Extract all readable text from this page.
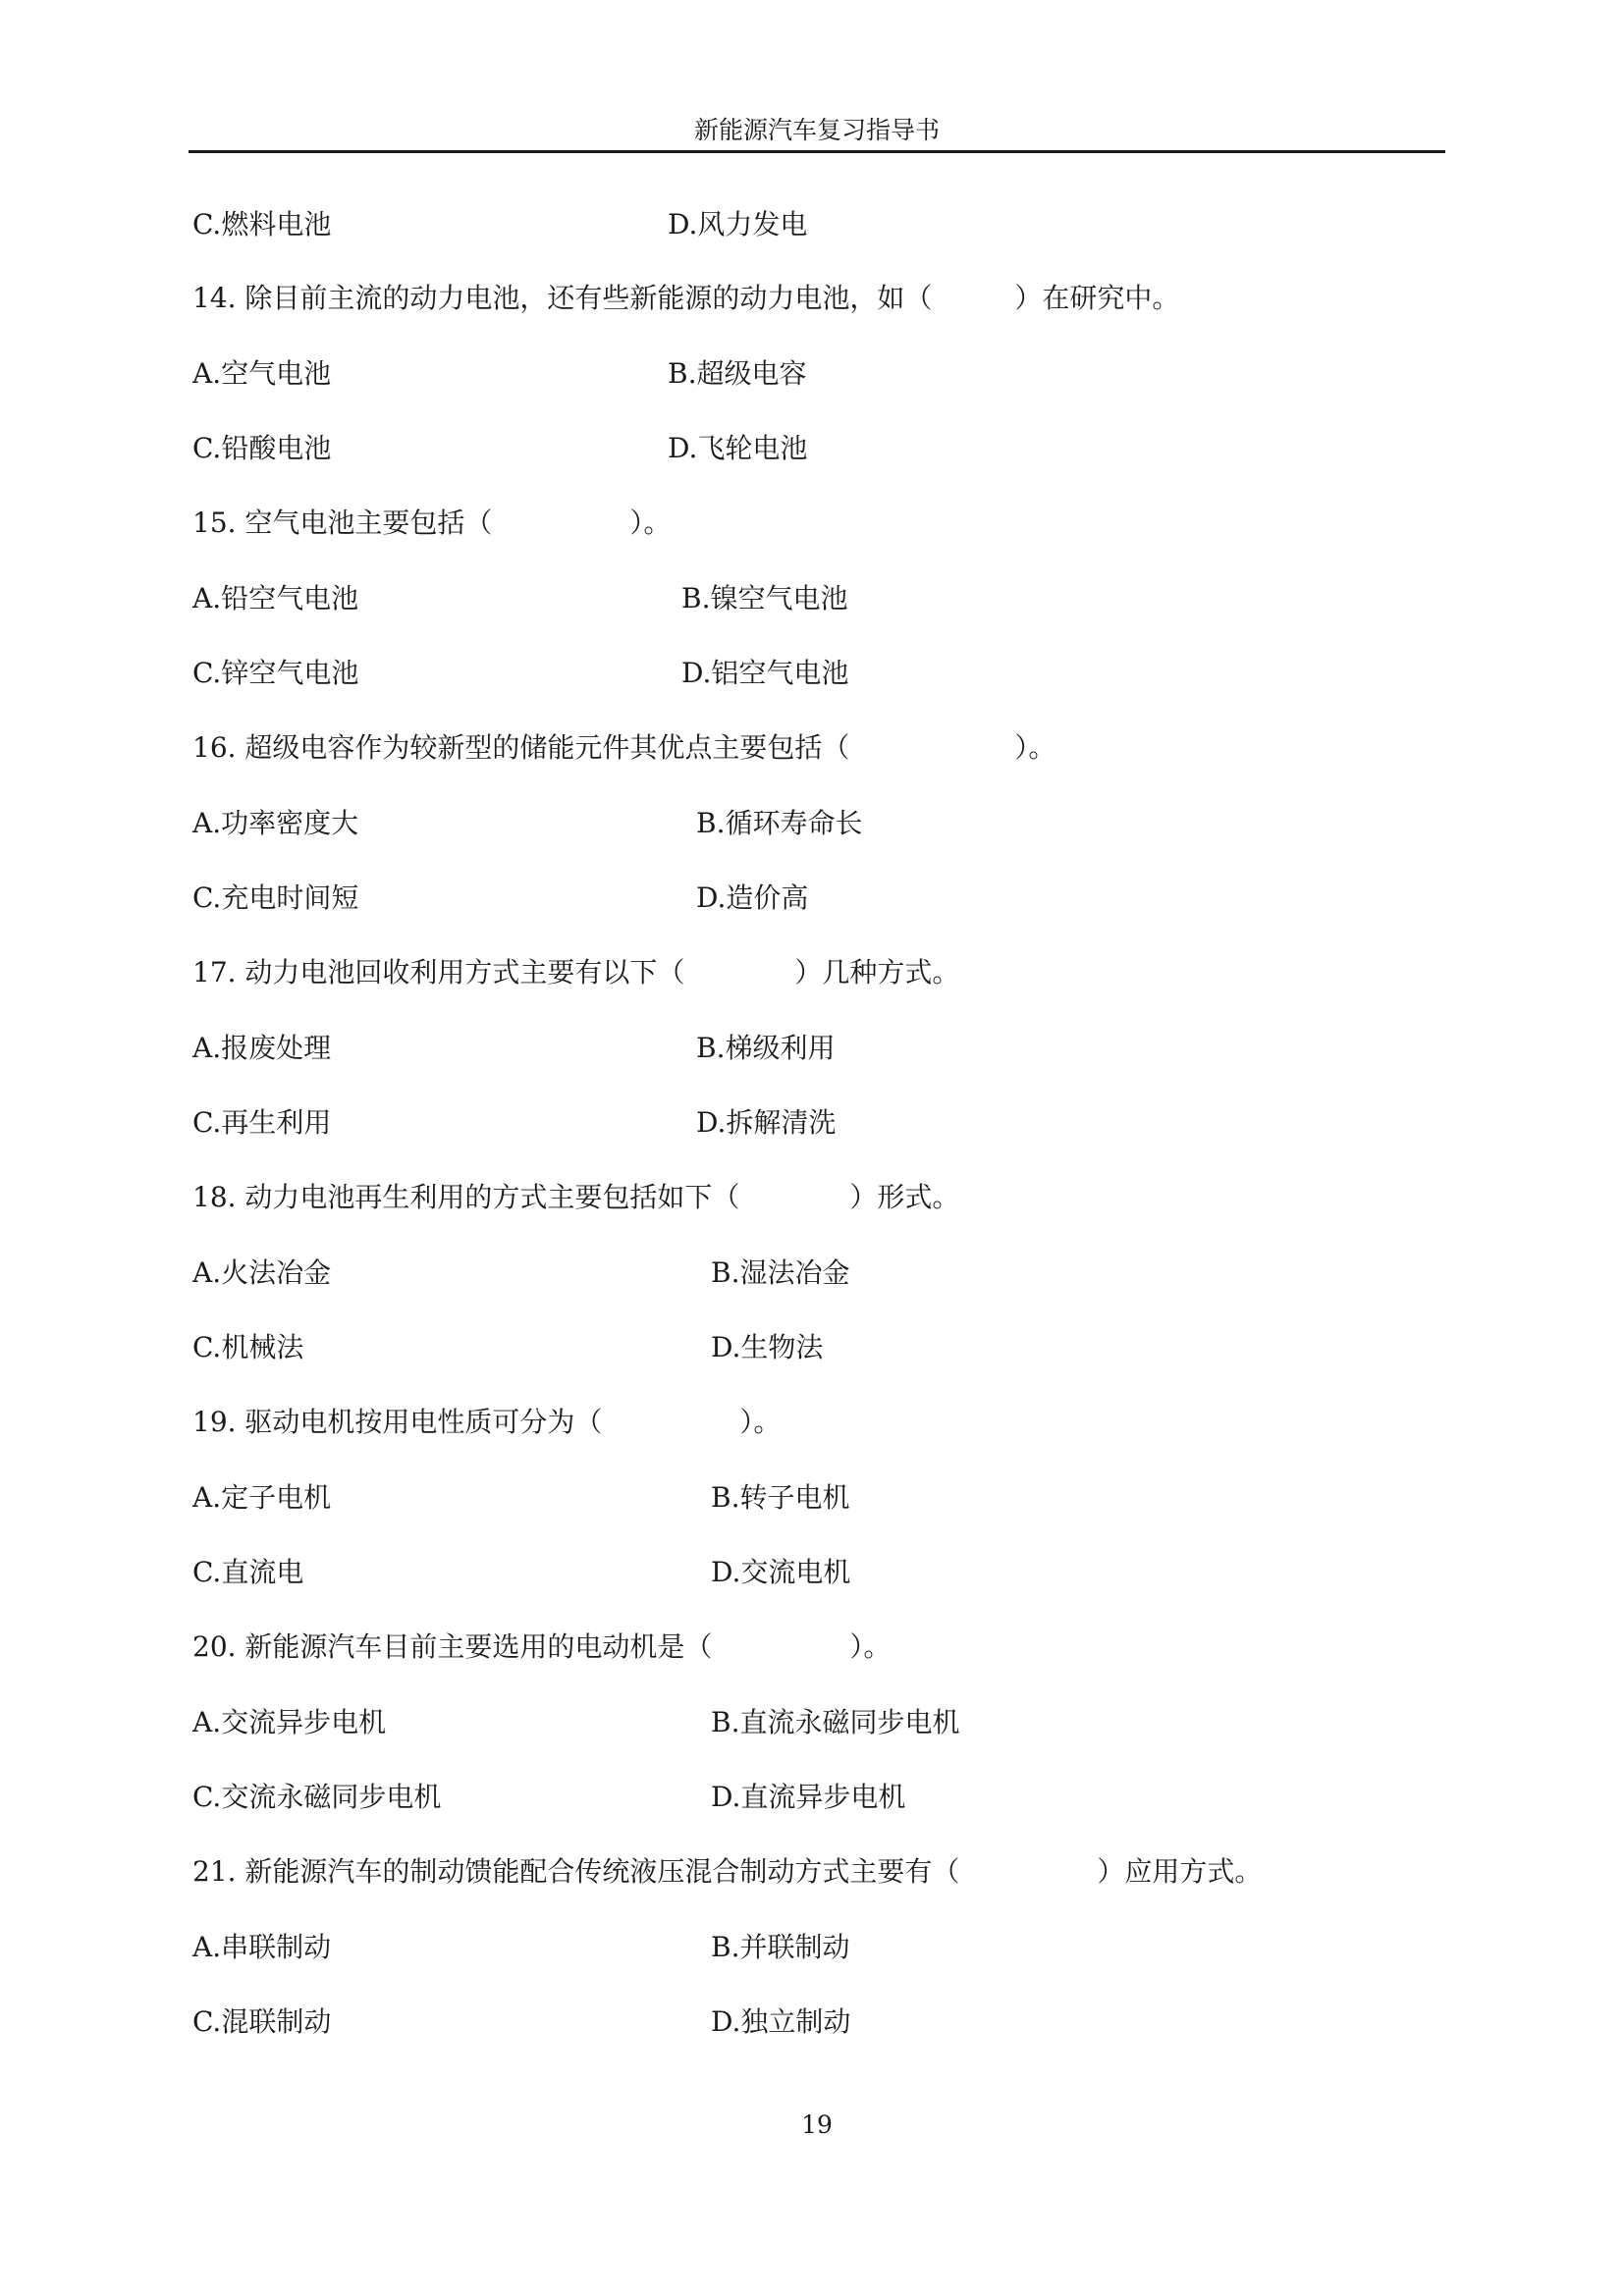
新能源汽车复习指导书
C.燃料电池	D.风力发电
14. 除目前主流的动力电池，还有些新能源的动力电池，如（　　　）在研究中。
A.空气电池	B.超级电容
C.铅酸电池	D.飞轮电池
15. 空气电池主要包括（　　　　　）。
A.铅空气电池	B.镍空气电池
C.锌空气电池	D.铝空气电池
16. 超级电容作为较新型的储能元件其优点主要包括（　　　　　　）。
A.功率密度大	B.循环寿命长
C.充电时间短	D.造价高
17. 动力电池回收利用方式主要有以下（　　　　）几种方式。
A.报废处理	B.梯级利用
C.再生利用	D.拆解清洗
18. 动力电池再生利用的方式主要包括如下（　　　　）形式。
A.火法冶金	B.湿法冶金
C.机械法	D.生物法
19. 驱动电机按用电性质可分为（　　　　　）。
A.定子电机	B.转子电机
C.直流电	D.交流电机
20. 新能源汽车目前主要选用的电动机是（　　　　　）。
A.交流异步电机	B.直流永磁同步电机
C.交流永磁同步电机	D.直流异步电机
21. 新能源汽车的制动馈能配合传统液压混合制动方式主要有（　　　　　）应用方式。
A.串联制动	B.并联制动
C.混联制动	D.独立制动
19
